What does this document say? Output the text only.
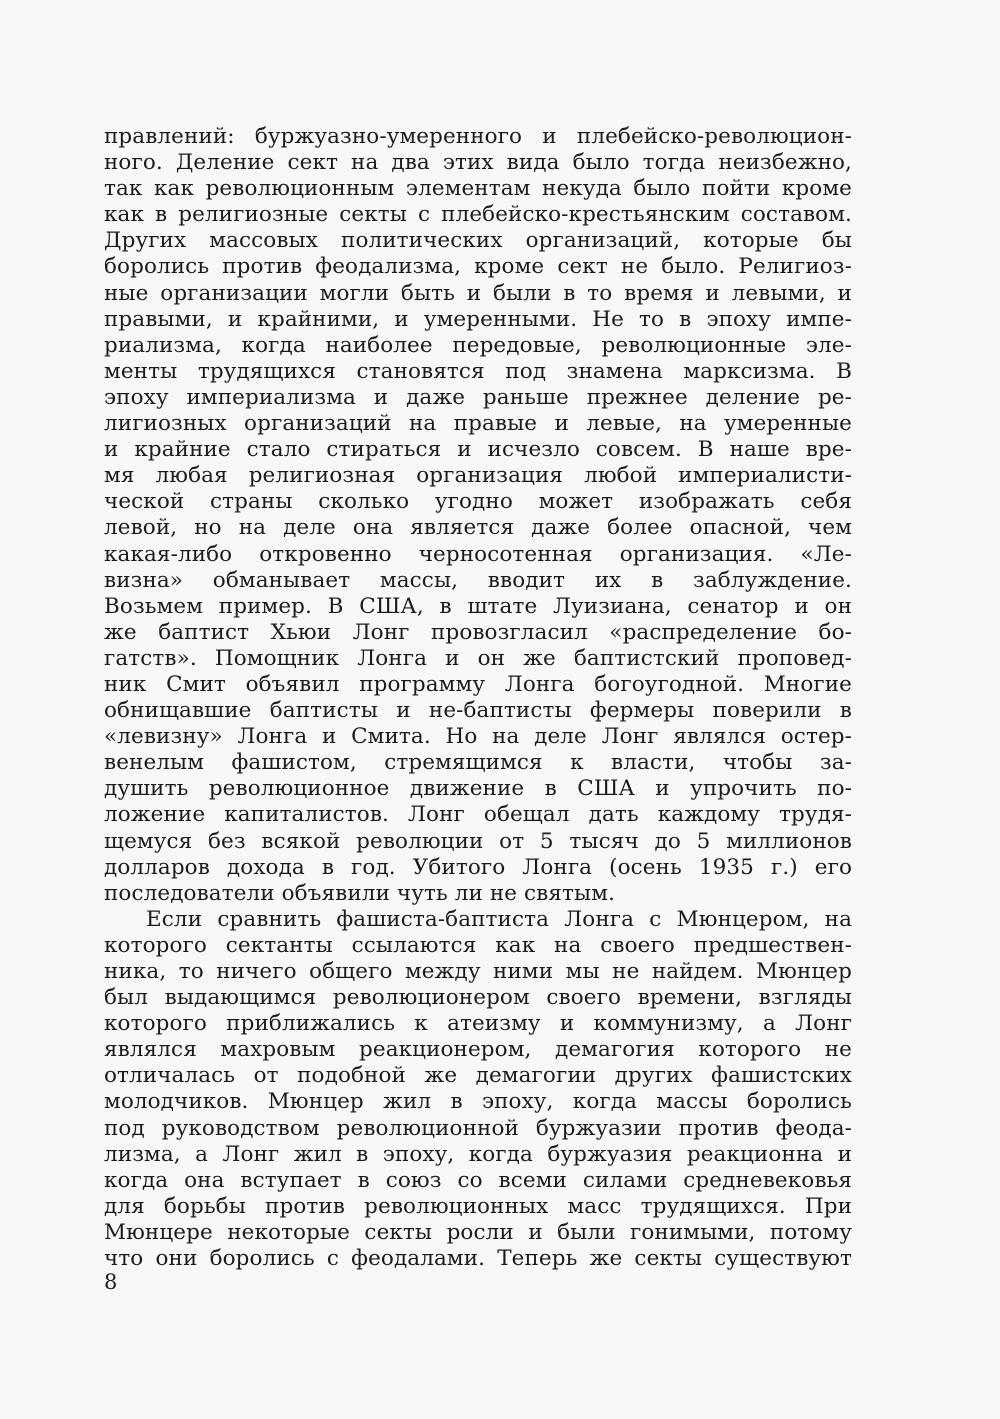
правлений: буржуазно-умеренного и плебейско-революцион-
ного. Деление сект на два этих вида было тогда неизбежно,
так как революционным элементам некуда было пойти кроме
как в религиозные секты с плебейско-крестьянским составом.
Других массовых политических организаций, которые бы
боролись против феодализма, кроме сект не было. Религиоз-
ные организации могли быть и были в то время и левыми, и
правыми, и крайними, и умеренными. Не то в эпоху импе-
риализма, когда наиболее передовые, революционные эле-
менты трудящихся становятся под знамена марксизма. В
эпоху империализма и даже раньше прежнее деление ре-
лигиозных организаций на правые и левые, на умеренные
и крайние стало стираться и исчезло совсем. В наше вре-
мя любая религиозная организация любой империалисти-
ческой страны сколько угодно может изображать себя
левой, но на деле она является даже более опасной, чем
какая-либо откровенно черносотенная организация. «Ле-
визна» обманывает массы, вводит их в заблуждение.
Возьмем пример. В США, в штате Луизиана, сенатор и он
же баптист Хьюи Лонг провозгласил «распределение бо-
гатств». Помощник Лонга и он же баптистский проповед-
ник Смит объявил программу Лонга богоугодной. Многие
обнищавшие баптисты и не-баптисты фермеры поверили в
«левизну» Лонга и Смита. Но на деле Лонг являлся остер-
венелым фашистом, стремящимся к власти, чтобы за-
душить революционное движение в США и упрочить по-
ложение капиталистов. Лонг обещал дать каждому трудя-
щемуся без всякой революции от 5 тысяч до 5 миллионов
долларов дохода в год. Убитого Лонга (осень 1935 г.) его
последователи объявили чуть ли не святым.
Если сравнить фашиста-баптиста Лонга с Мюнцером, на
которого сектанты ссылаются как на своего предшествен-
ника, то ничего общего между ними мы не найдем. Мюнцер
был выдающимся революционером своего времени, взгляды
которого приближались к атеизму и коммунизму, а Лонг
являлся махровым реакционером, демагогия которого не
отличалась от подобной же демагогии других фашистских
молодчиков. Мюнцер жил в эпоху, когда массы боролись
под руководством революционной буржуазии против феода-
лизма, а Лонг жил в эпоху, когда буржуазия реакционна и
когда она вступает в союз со всеми силами средневековья
для борьбы против революционных масс трудящихся. При
Мюнцере некоторые секты росли и были гонимыми, потому
что они боролись с феодалами. Теперь же секты существуют
8
